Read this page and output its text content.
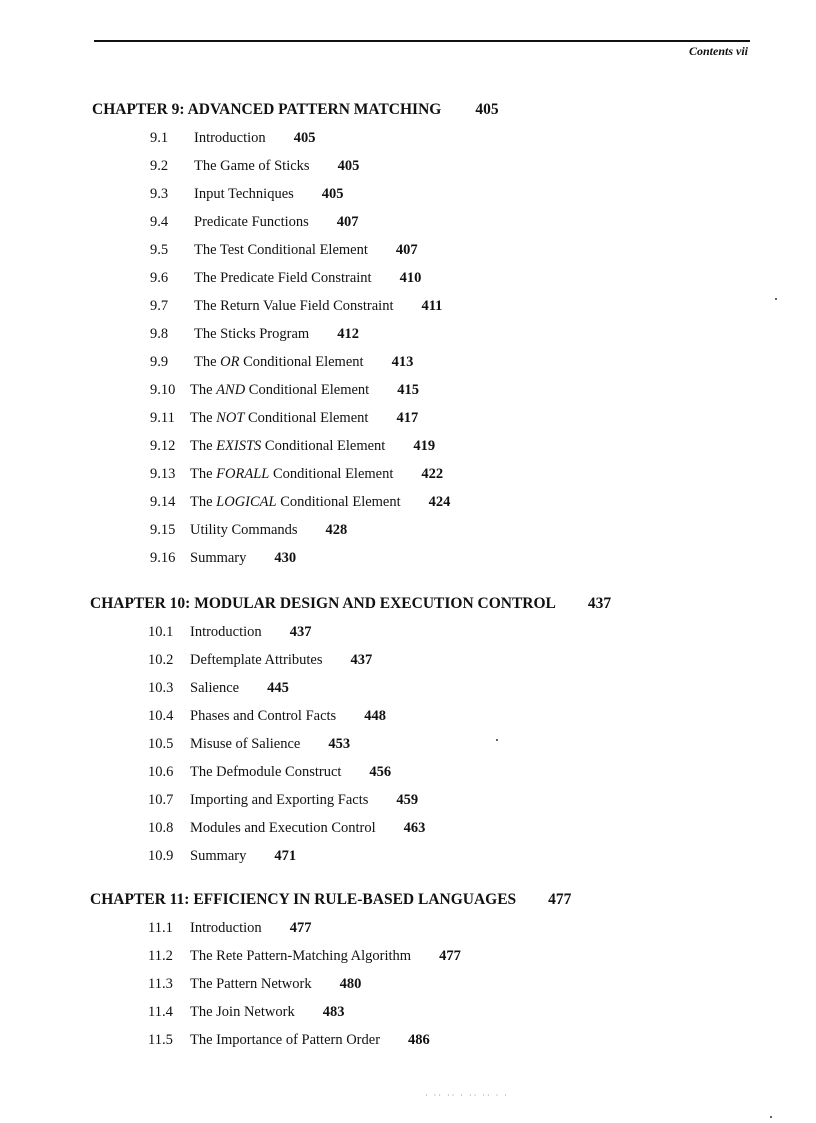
Contents vii
CHAPTER 9: ADVANCED PATTERN MATCHING 405
9.1 Introduction 405
9.2 The Game of Sticks 405
9.3 Input Techniques 405
9.4 Predicate Functions 407
9.5 The Test Conditional Element 407
9.6 The Predicate Field Constraint 410
9.7 The Return Value Field Constraint 411
9.8 The Sticks Program 412
9.9 The OR Conditional Element 413
9.10 The AND Conditional Element 415
9.11 The NOT Conditional Element 417
9.12 The EXISTS Conditional Element 419
9.13 The FORALL Conditional Element 422
9.14 The LOGICAL Conditional Element 424
9.15 Utility Commands 428
9.16 Summary 430
CHAPTER 10: MODULAR DESIGN AND EXECUTION CONTROL 437
10.1 Introduction 437
10.2 Deftemplate Attributes 437
10.3 Salience 445
10.4 Phases and Control Facts 448
10.5 Misuse of Salience 453
10.6 The Defmodule Construct 456
10.7 Importing and Exporting Facts 459
10.8 Modules and Execution Control 463
10.9 Summary 471
CHAPTER 11: EFFICIENCY IN RULE-BASED LANGUAGES 477
11.1 Introduction 477
11.2 The Rete Pattern-Matching Algorithm 477
11.3 The Pattern Network 480
11.4 The Join Network 483
11.5 The Importance of Pattern Order 486
· ·· ·· · ·· ·· · ·
